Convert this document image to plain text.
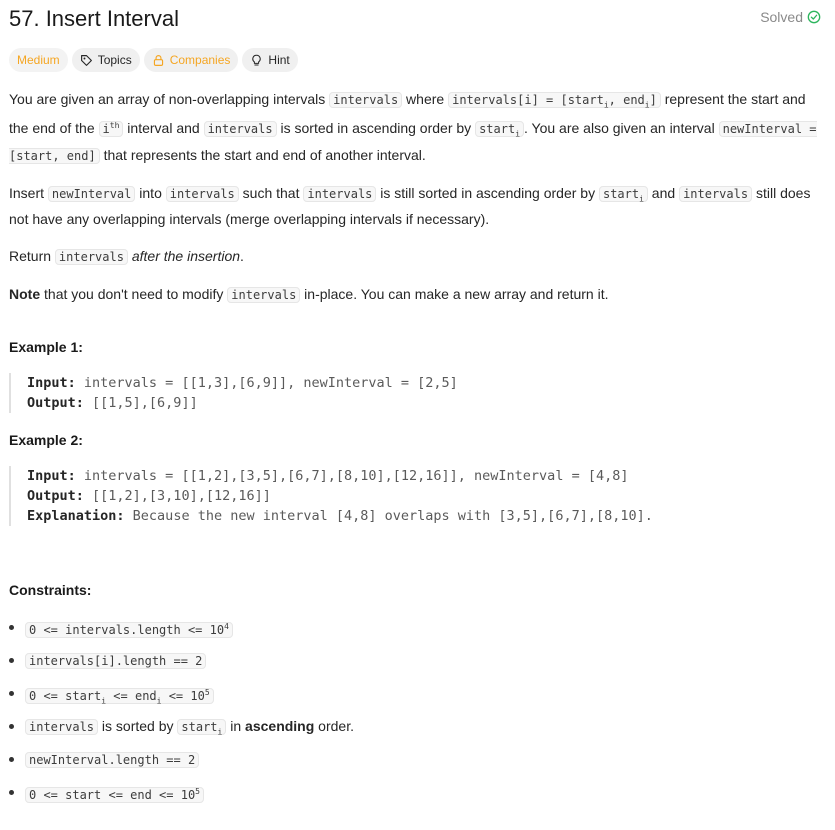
57. Insert Interval	Solved
Medium	Topics	Companies	Hint

You are given an array of non-overlapping intervals intervals where intervals[i] = [start$_i$, end$_i$] represent the start and the end of the $i^{th}$ interval and intervals is sorted in ascending order by start$_i$ . You are also given an interval newInterval = [start, end] that represents the start and end of another interval.

Insert newInterval into intervals such that intervals is still sorted in ascending order by start$_i$ and intervals still does not have any overlapping intervals (merge overlapping intervals if necessary).

Return intervals after the insertion.

Note that you don't need to modify intervals in-place. You can make a new array and return it.

Example 1:
Input: intervals = [[1,3],[6,9]], newInterval = [2,5]
Output: [[1,5],[6,9]]
Example 2:
Input: intervals = [[1,2],[3,5],[6,7],[8,10],[12,16]], newInterval = [4,8]
Output: [[1,2],[3,10],[12,16]]
Explanation: Because the new interval [4,8] overlaps with [3,5],[6,7],[8,10].
Constraints:
0 <= intervals.length <= $10^4$
intervals[i].length == 2
0 <= start$_i$ <= $end_i <= 10^5$
intervals is sorted by start$_i$ in ascending order.
newInterval.length == 2
0 <= start <= end <= $10^5$
